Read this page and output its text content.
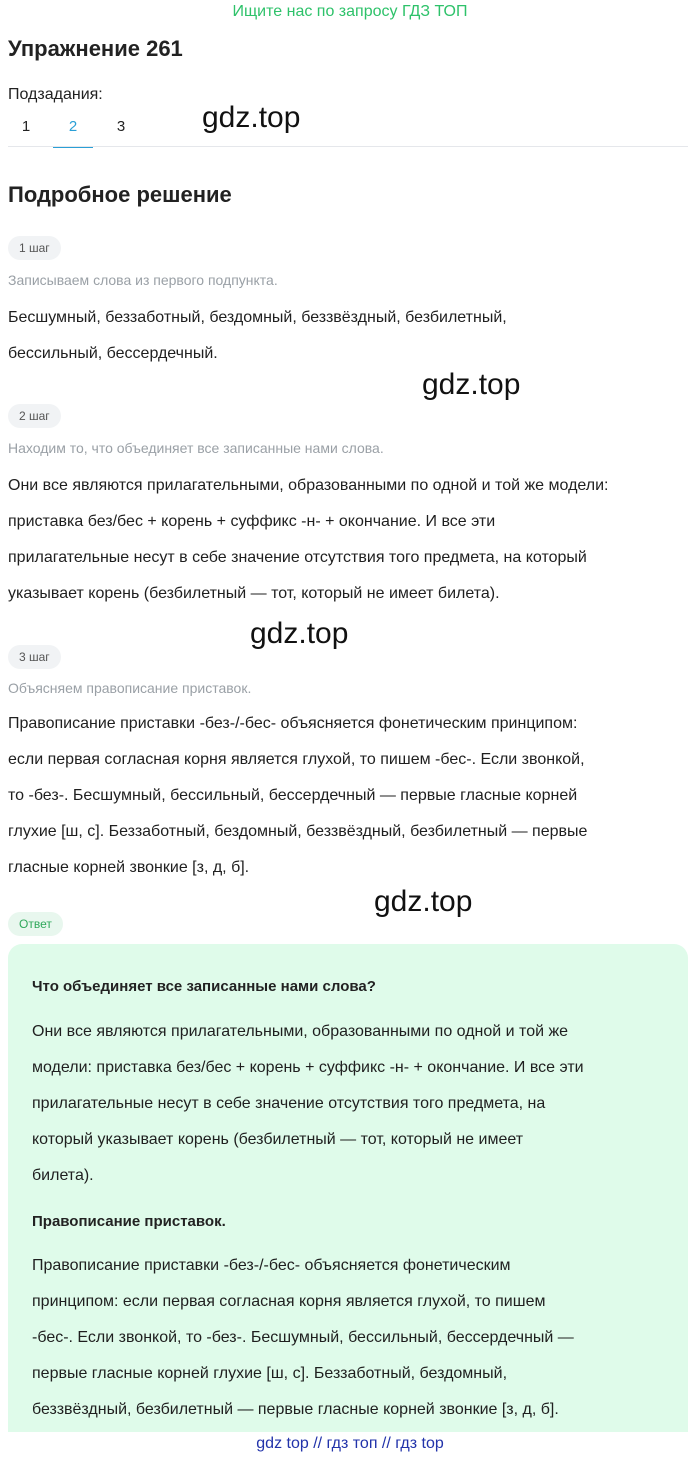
Ищите нас по запросу ГДЗ ТОП
Упражнение 261
Подзадания:
1	2	3	gdz.top
gdz.top
gdz.top
gdz.top
Подробное решение
1 шаг
Записываем слова из первого подпункта.
Бесшумный, беззаботный, бездомный, беззвёздный, безбилетный,
бессильный, бессердечный.
2 шаг
Находим то, что объединяет все записанные нами слова.
Они все являются прилагательными, образованными по одной и той же модели:
приставка без/бес + корень + суффикс -н- + окончание. И все эти
прилагательные несут в себе значение отсутствия того предмета, на который
указывает корень (безбилетный — тот, который не имеет билета).
3 шаг
Объясняем правописание приставок.
Правописание приставки -без-/-бес- объясняется фонетическим принципом:
если первая согласная корня является глухой, то пишем -бес-. Если звонкой,
то -без-. Бесшумный, бессильный, бессердечный — первые гласные корней
глухие [ш, с]. Беззаботный, бездомный, беззвёздный, безбилетный — первые
гласные корней звонкие [з, д, б].
Ответ
Что объединяет все записанные нами слова?
Они все являются прилагательными, образованными по одной и той же
модели: приставка без/бес + корень + суффикс -н- + окончание. И все эти
прилагательные несут в себе значение отсутствия того предмета, на
который указывает корень (безбилетный — тот, который не имеет
билета).
Правописание приставок.
Правописание приставки -без-/-бес- объясняется фонетическим
принципом: если первая согласная корня является глухой, то пишем
-бес-. Если звонкой, то -без-. Бесшумный, бессильный, бессердечный —
первые гласные корней глухие [ш, с]. Беззаботный, бездомный,
беззвёздный, безбилетный — первые гласные корней звонкие [з, д, б].
gdz top // гдз топ // гдз top
